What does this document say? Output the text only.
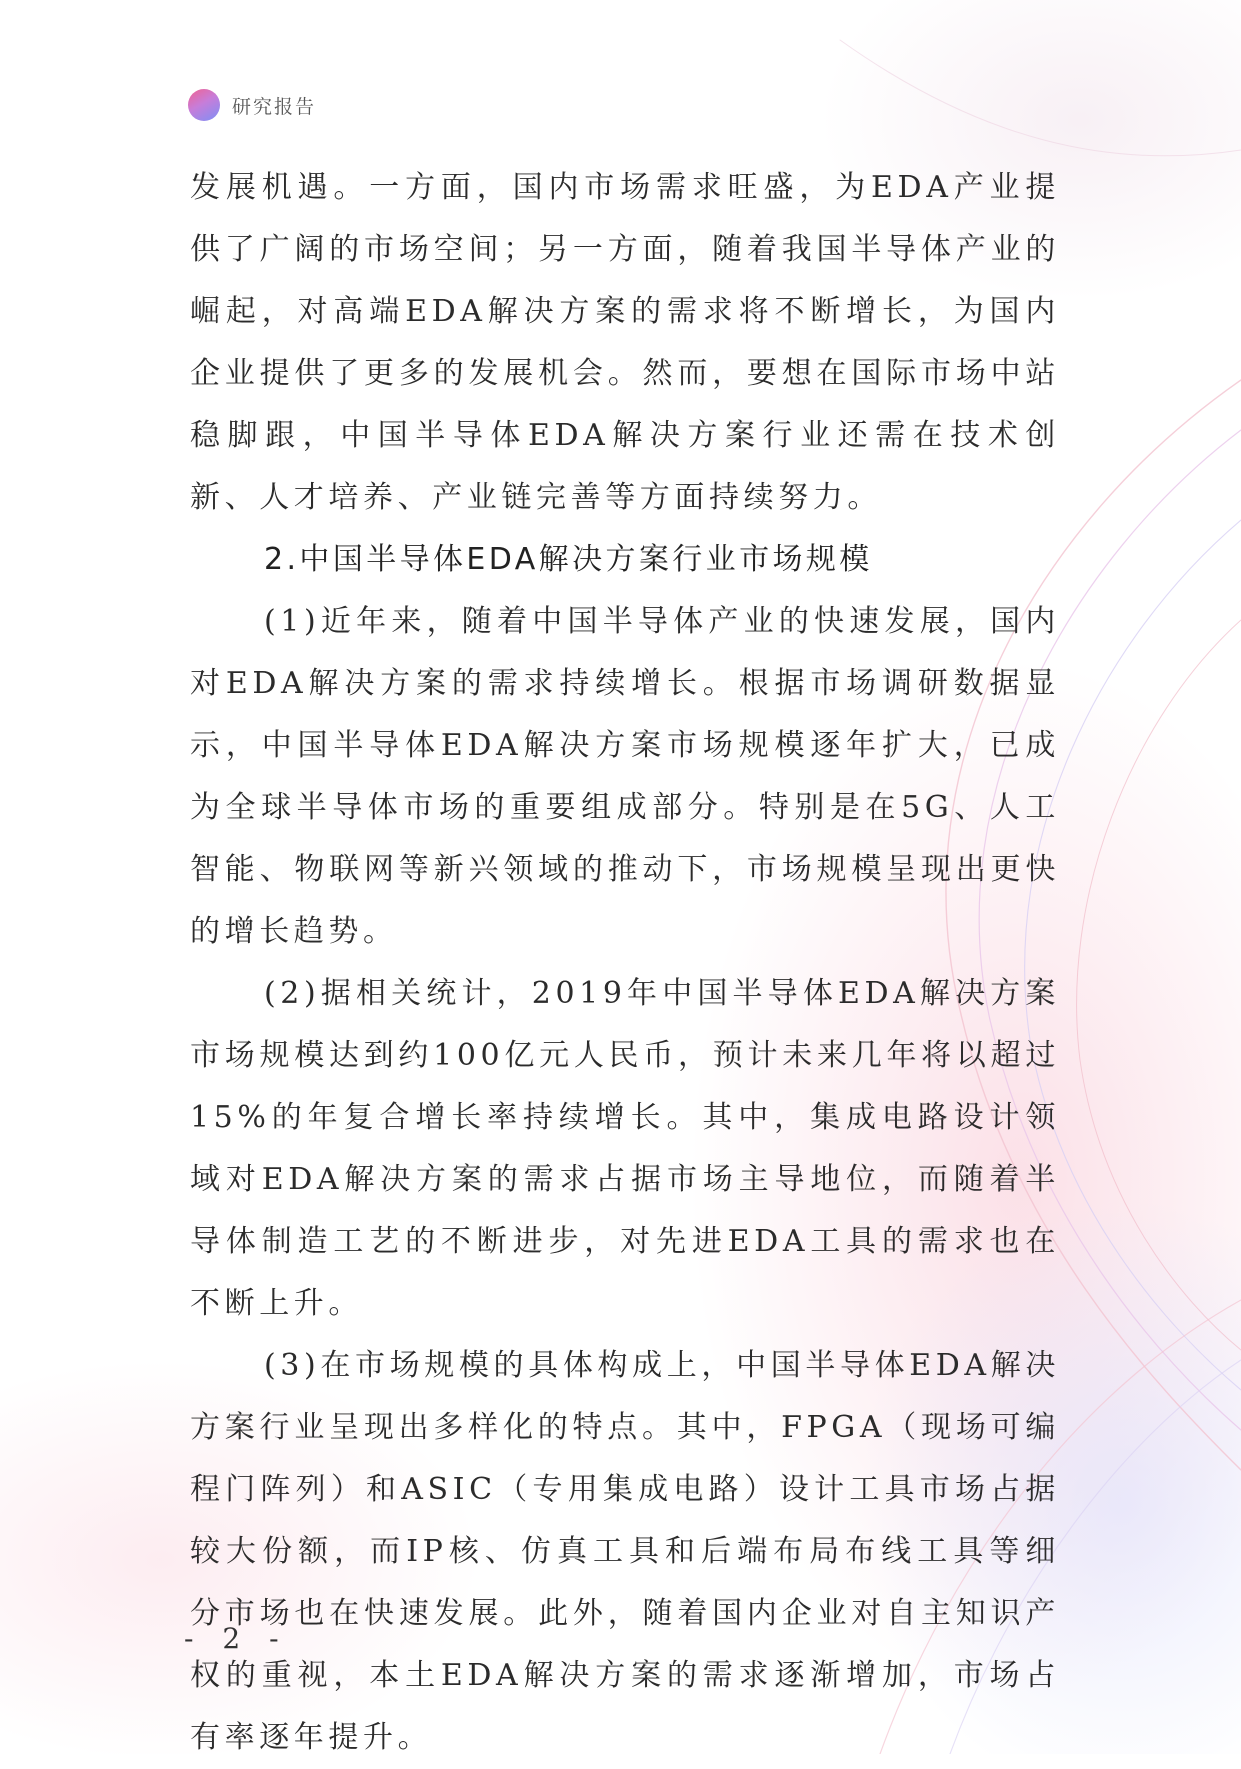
研究报告

发展机遇。一方面，国内市场需求旺盛，为EDA产业提供了广阔的市场空间；另一方面，随着我国半导体产业的崛起，对高端EDA解决方案的需求将不断增长，为国内企业提供了更多的发展机会。然而，要想在国际市场中站稳脚跟，中国半导体EDA解决方案行业还需在技术创新、人才培养、产业链完善等方面持续努力。

2.中国半导体EDA解决方案行业市场规模

(1)近年来，随着中国半导体产业的快速发展，国内对EDA解决方案的需求持续增长。根据市场调研数据显示，中国半导体EDA解决方案市场规模逐年扩大，已成为全球半导体市场的重要组成部分。特别是在5G、人工智能、物联网等新兴领域的推动下，市场规模呈现出更快的增长趋势。

(2)据相关统计，2019年中国半导体EDA解决方案市场规模达到约100亿元人民币，预计未来几年将以超过15%的年复合增长率持续增长。其中，集成电路设计领域对EDA解决方案的需求占据市场主导地位，而随着半导体制造工艺的不断进步，对先进EDA工具的需求也在不断上升。

(3)在市场规模的具体构成上，中国半导体EDA解决方案行业呈现出多样化的特点。其中，FPGA（现场可编程门阵列）和ASIC（专用集成电路）设计工具市场占据较大份额，而IP核、仿真工具和后端布局布线工具等细分市场也在快速发展。此外，随着国内企业对自主知识产权的重视，本土EDA解决方案的需求逐渐增加，市场占有率逐年提升。

- 2 -
